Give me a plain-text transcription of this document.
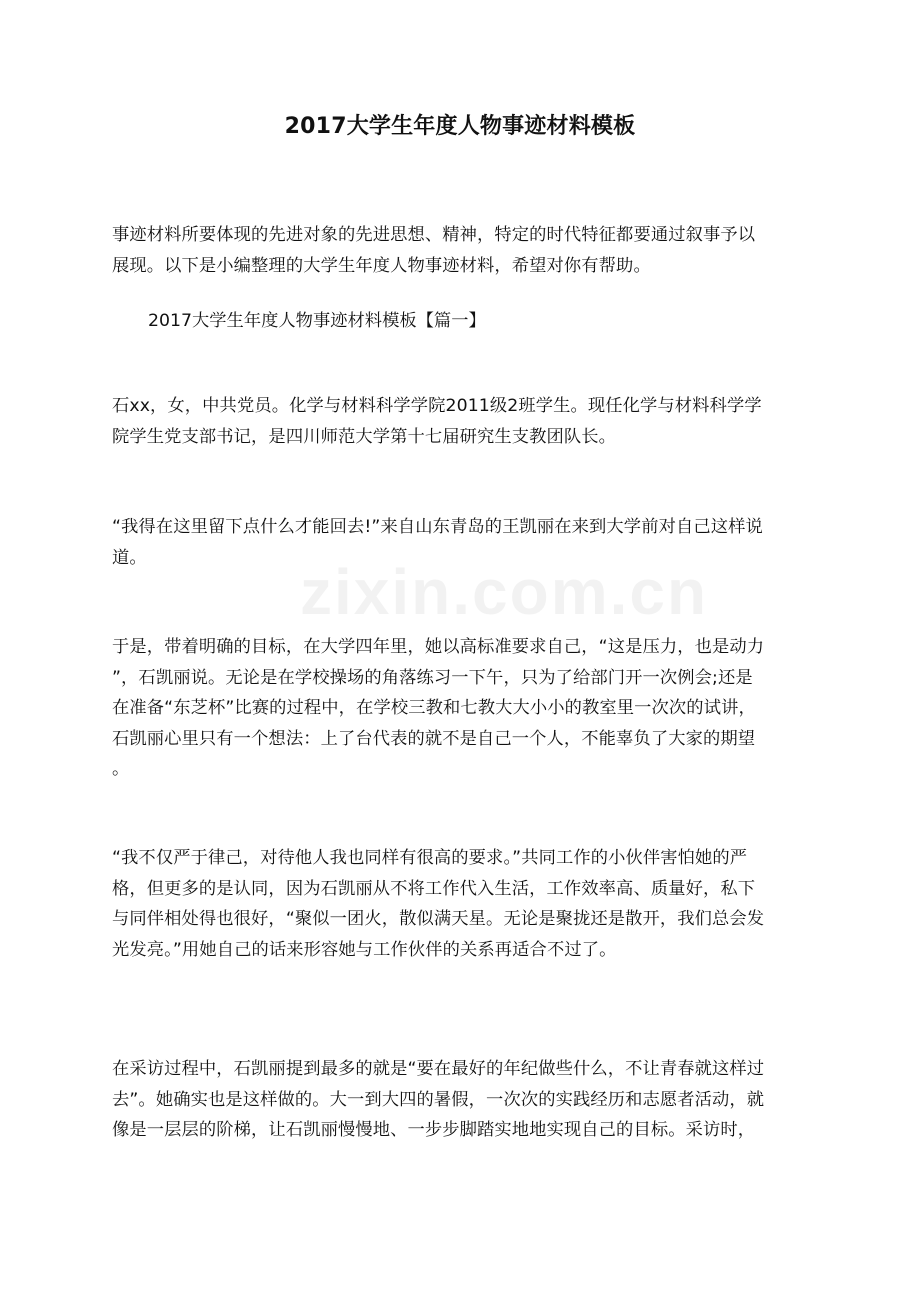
zixin.com.cn
2017大学生年度人物事迹材料模板
事迹材料所要体现的先进对象的先进思想、精神，特定的时代特征都要通过叙事予以
展现。以下是小编整理的大学生年度人物事迹材料，希望对你有帮助。
2017大学生年度人物事迹材料模板【篇一】
石xx，女，中共党员。化学与材料科学学院2011级2班学生。现任化学与材料科学学
院学生党支部书记，是四川师范大学第十七届研究生支教团队长。
“我得在这里留下点什么才能回去!”来自山东青岛的王凯丽在来到大学前对自己这样说
道。
于是，带着明确的目标，在大学四年里，她以高标准要求自己，“这是压力，也是动力
”，石凯丽说。无论是在学校操场的角落练习一下午，只为了给部门开一次例会;还是
在准备“东芝杯”比赛的过程中，在学校三教和七教大大小小的教室里一次次的试讲，
石凯丽心里只有一个想法：上了台代表的就不是自己一个人，不能辜负了大家的期望
。
“我不仅严于律己，对待他人我也同样有很高的要求。”共同工作的小伙伴害怕她的严
格，但更多的是认同，因为石凯丽从不将工作代入生活，工作效率高、质量好，私下
与同伴相处得也很好，“聚似一团火，散似满天星。无论是聚拢还是散开，我们总会发
光发亮。”用她自己的话来形容她与工作伙伴的关系再适合不过了。
在采访过程中，石凯丽提到最多的就是“要在最好的年纪做些什么，不让青春就这样过
去”。她确实也是这样做的。大一到大四的暑假，一次次的实践经历和志愿者活动，就
像是一层层的阶梯，让石凯丽慢慢地、一步步脚踏实地地实现自己的目标。采访时，
